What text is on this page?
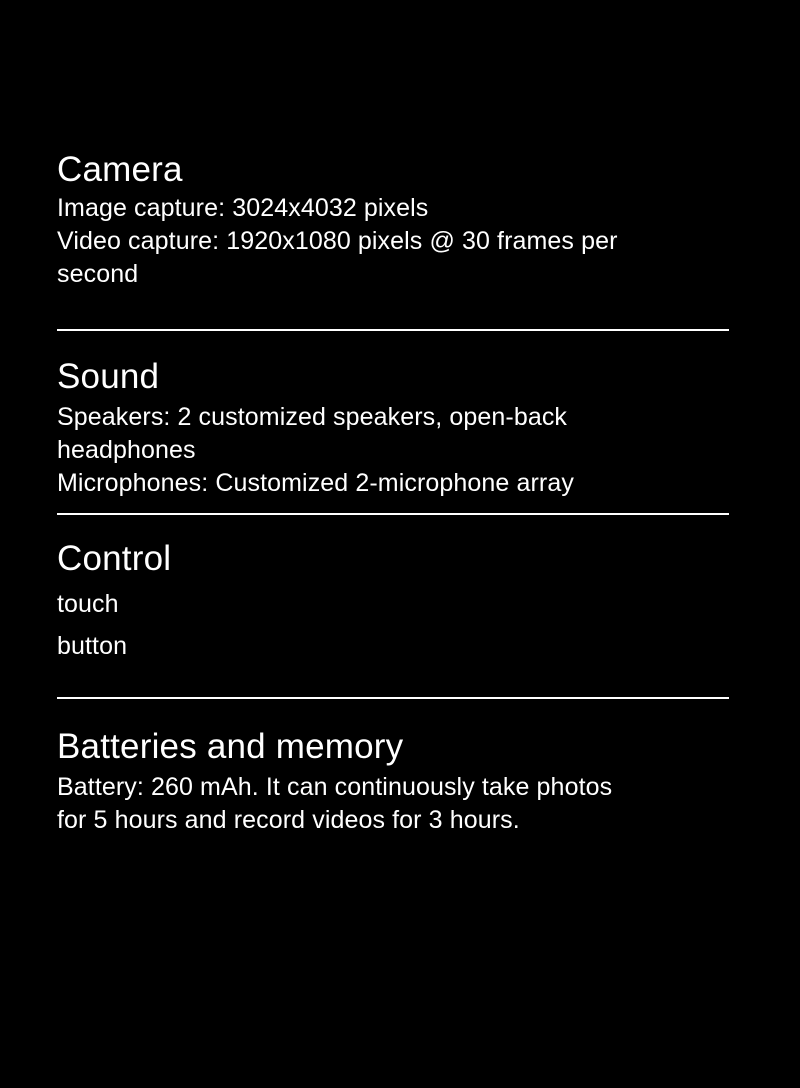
Camera

Image capture: 3024x4032 pixels

Video capture: 1920x1080 pixels @ 30 frames per

second

Sound

Speakers: 2 customized speakers, open-back

headphones

Microphones: Customized 2-microphone array

Control

touch

button

Batteries and memory

Battery: 260 mAh. It can continuously take photos

for 5 hours and record videos for 3 hours.
